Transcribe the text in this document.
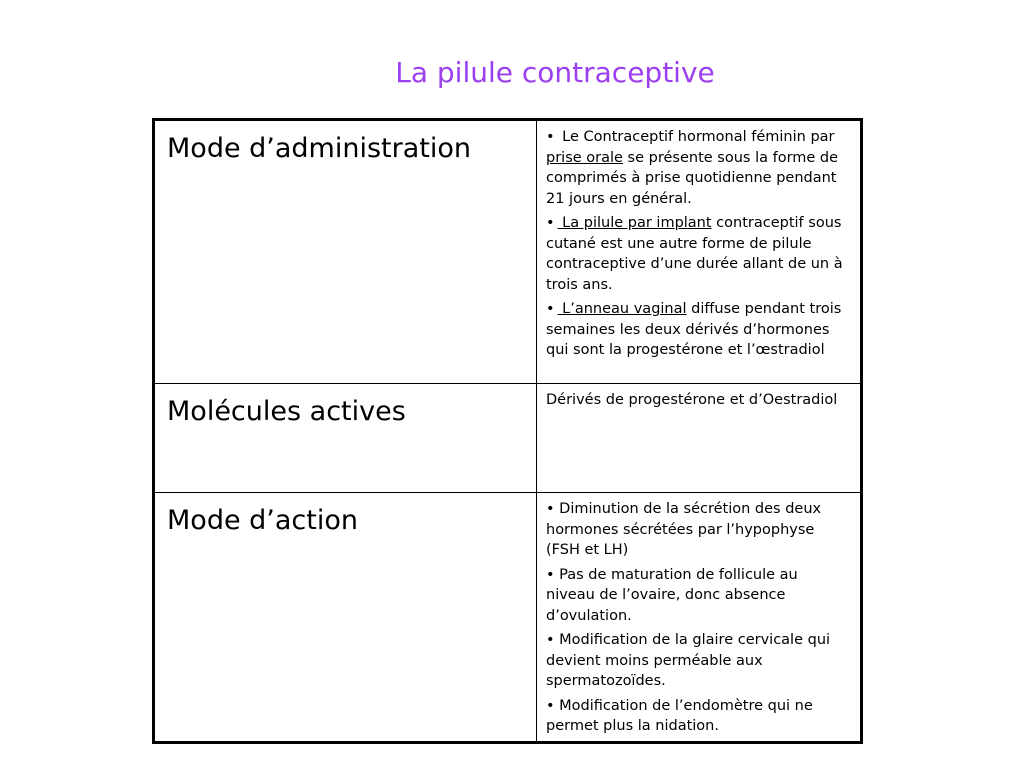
La pilule contraceptive
Mode d’administration	• Le Contraceptif hormonal féminin par prise orale se présente sous la forme de comprimés à prise quotidienne pendant 21 jours en général.
• La pilule par implant contraceptif sous cutané est une autre forme de pilule contraceptive d’une durée allant de un à trois ans.
• L’anneau vaginal diffuse pendant trois semaines les deux dérivés d’hormones qui sont la progestérone et l’œstradiol

Molécules actives	Dérivés de progestérone et d’Oestradiol

Mode d’action	• Diminution de la sécrétion des deux hormones sécrétées par l’hypophyse (FSH et LH)
• Pas de maturation de follicule au niveau de l’ovaire, donc absence d’ovulation.
• Modification de la glaire cervicale qui devient moins perméable aux spermatozoïdes.
• Modification de l’endomètre qui ne permet plus la nidation.
